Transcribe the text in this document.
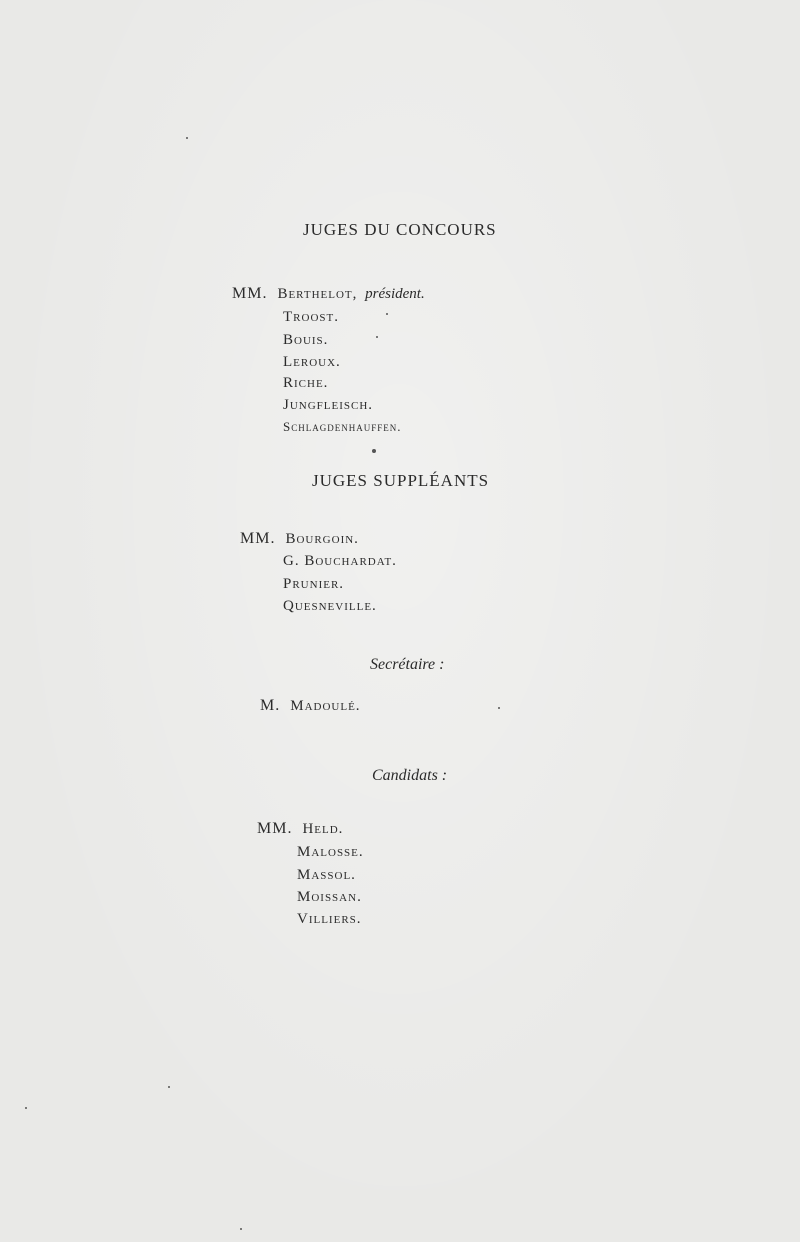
JUGES DU CONCOURS
MM. Berthelot, président.
Troost.
Bouis.
Leroux.
Riche.
Jungfleisch.
Schlagdenhauffen.
JUGES SUPPLÉANTS
MM. Bourgoin.
G. Bouchardat.
Prunier.
Quesneville.
Secrétaire :
M. Madoulé.
Candidats :
MM. Held.
Malosse.
Massol.
Moissan.
Villiers.
